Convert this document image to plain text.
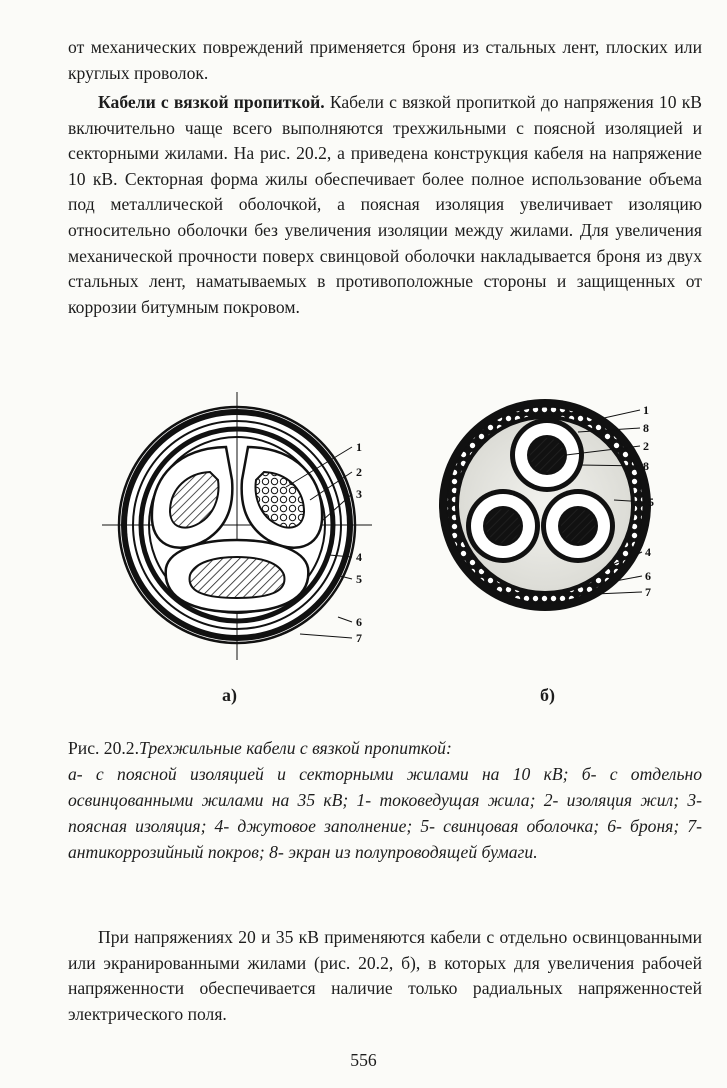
от механических повреждений применяется броня из стальных лент, плоских или круглых проволок.
Кабели с вязкой пропиткой. Кабели с вязкой пропиткой до напряжения 10 кВ включительно чаще всего выполняются трехжильными с поясной изоляцией и секторными жилами. На рис. 20.2, а приведена конструкция кабеля на напряжение 10 кВ. Секторная форма жилы обеспечивает более полное использование объема под металлической оболочкой, а поясная изоляция увеличивает изоляцию относительно оболочки без увеличения изоляции между жилами. Для увеличения механической прочности поверх свинцовой оболочки накладывается броня из двух стальных лент, наматываемых в противоположные стороны и защищенных от коррозии битумным покровом.
1
2
3
4
5
6
7
1
8
2
8
5
4
6
7
а)	б)
Рис. 20.2.Трехжильные кабели с вязкой пропиткой:
а- с поясной изоляцией и секторными жилами на 10 кВ; б- с отдельно освинцованными жилами на 35 кВ; 1- токоведущая жила; 2- изоляция жил; 3- поясная изоляция; 4- джутовое заполнение; 5- свинцовая оболочка; 6- броня; 7- антикоррозийный покров; 8- экран из полупроводящей бумаги.
При напряжениях 20 и 35 кВ применяются кабели с отдельно освинцованными или экранированными жилами (рис. 20.2, б), в которых для увеличения рабочей напряженности обеспечивается наличие только радиальных напряженностей электрического поля.
556
